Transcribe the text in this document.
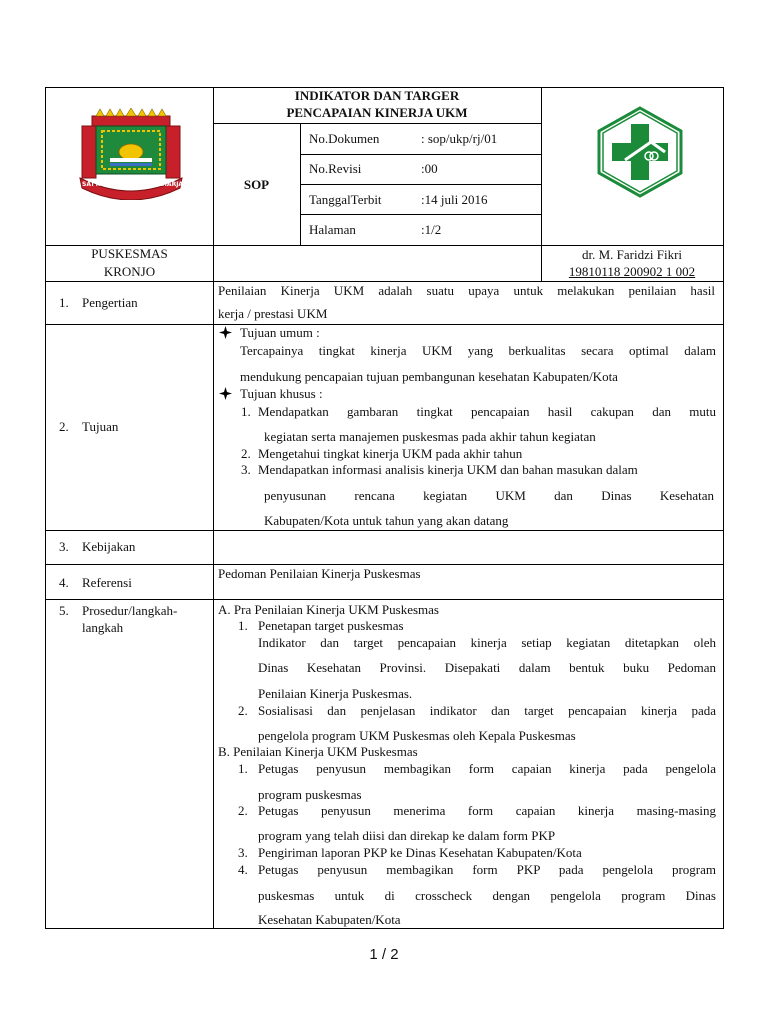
SATYA KARYA KERTA RAHARJA
INDIKATOR DAN TARGER
PENCAPAIAN KINERJA UKM
SOP
No.Dokumen	: sop/ukp/rj/01
No.Revisi	:00
TanggalTerbit	:14 juli 2016
Halaman	:1/2
PUSKESMAS
KRONJO
dr. M. Faridzi Fikri
19810118 200902 1 002
1. Pengertian
Penilaian Kinerja UKM adalah suatu upaya untuk melakukan penilaian hasil
kerja / prestasi UKM
2. Tujuan
Tujuan umum :
Tercapainya tingkat kinerja UKM yang berkualitas secara optimal dalam
mendukung pencapaian tujuan pembangunan kesehatan Kabupaten/Kota
Tujuan khusus :
1. Mendapatkan gambaran tingkat pencapaian hasil cakupan dan mutu
kegiatan serta manajemen puskesmas pada akhir tahun kegiatan
2. Mengetahui tingkat kinerja UKM pada akhir tahun
3. Mendapatkan informasi analisis kinerja UKM dan bahan masukan dalam
penyusunan rencana kegiatan UKM dan Dinas Kesehatan
Kabupaten/Kota untuk tahun yang akan datang
3. Kebijakan
4. Referensi
Pedoman Penilaian Kinerja Puskesmas
5. Prosedur/langkah-
langkah
A. Pra Penilaian Kinerja UKM Puskesmas
1. Penetapan target puskesmas
Indikator dan target pencapaian kinerja setiap kegiatan ditetapkan oleh
Dinas Kesehatan Provinsi. Disepakati dalam bentuk buku Pedoman
Penilaian Kinerja Puskesmas.
2. Sosialisasi dan penjelasan indikator dan target pencapaian kinerja pada
pengelola program UKM Puskesmas oleh Kepala Puskesmas
B. Penilaian Kinerja UKM Puskesmas
1. Petugas penyusun membagikan form capaian kinerja pada pengelola
program puskesmas
2. Petugas penyusun menerima form capaian kinerja masing-masing
program yang telah diisi dan direkap ke dalam form PKP
3. Pengiriman laporan PKP ke Dinas Kesehatan Kabupaten/Kota
4. Petugas penyusun membagikan form PKP pada pengelola program
puskesmas untuk di crosscheck dengan pengelola program Dinas
Kesehatan Kabupaten/Kota
1 / 2
